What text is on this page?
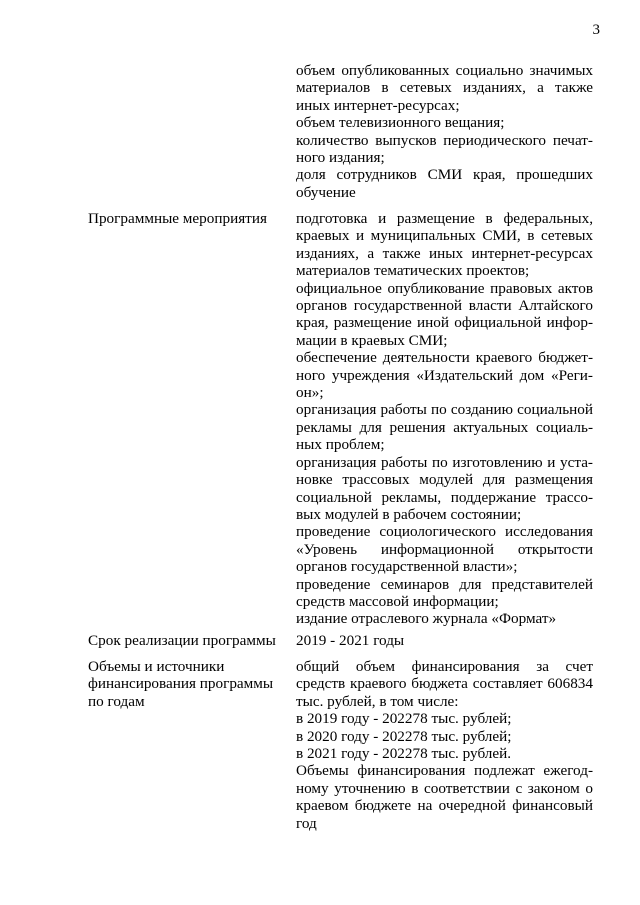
3

объем опубликованных социально значимых материалов в сетевых изданиях, а также иных интернет-ресурсах;

объем телевизионного вещания;

количество выпусков периодического печат-ного издания;

доля сотрудников СМИ края, прошедших обучение

Программные мероприятия	подготовка и размещение в федеральных, краевых и муниципальных СМИ, в сетевых изданиях, а также иных интернет-ресурсах материалов тематических проектов;

официальное опубликование правовых актов органов государственной власти Алтайского края, размещение иной официальной инфор-мации в краевых СМИ;

обеспечение деятельности краевого бюджет-ного учреждения «Издательский дом «Реги-он»;

организация работы по созданию социальной рекламы для решения актуальных социаль-ных проблем;

организация работы по изготовлению и уста-новке трассовых модулей для размещения социальной рекламы, поддержание трассо-вых модулей в рабочем состоянии;

проведение социологического исследования «Уровень информационной открытости органов государственной власти»;

проведение семинаров для представителей средств массовой информации;

издание отраслевого журнала «Формат»

Срок реализации программы	2019 - 2021 годы

Объемы и источники финансирования программы по годам

общий объем финансирования за счет средств краевого бюджета составляет 606834 тыс. рублей, в том числе:

в 2019 году - 202278 тыс. рублей;

в 2020 году - 202278 тыс. рублей;

в 2021 году - 202278 тыс. рублей.

Объемы финансирования подлежат ежегод-ному уточнению в соответствии с законом о краевом бюджете на очередной финансовый год
